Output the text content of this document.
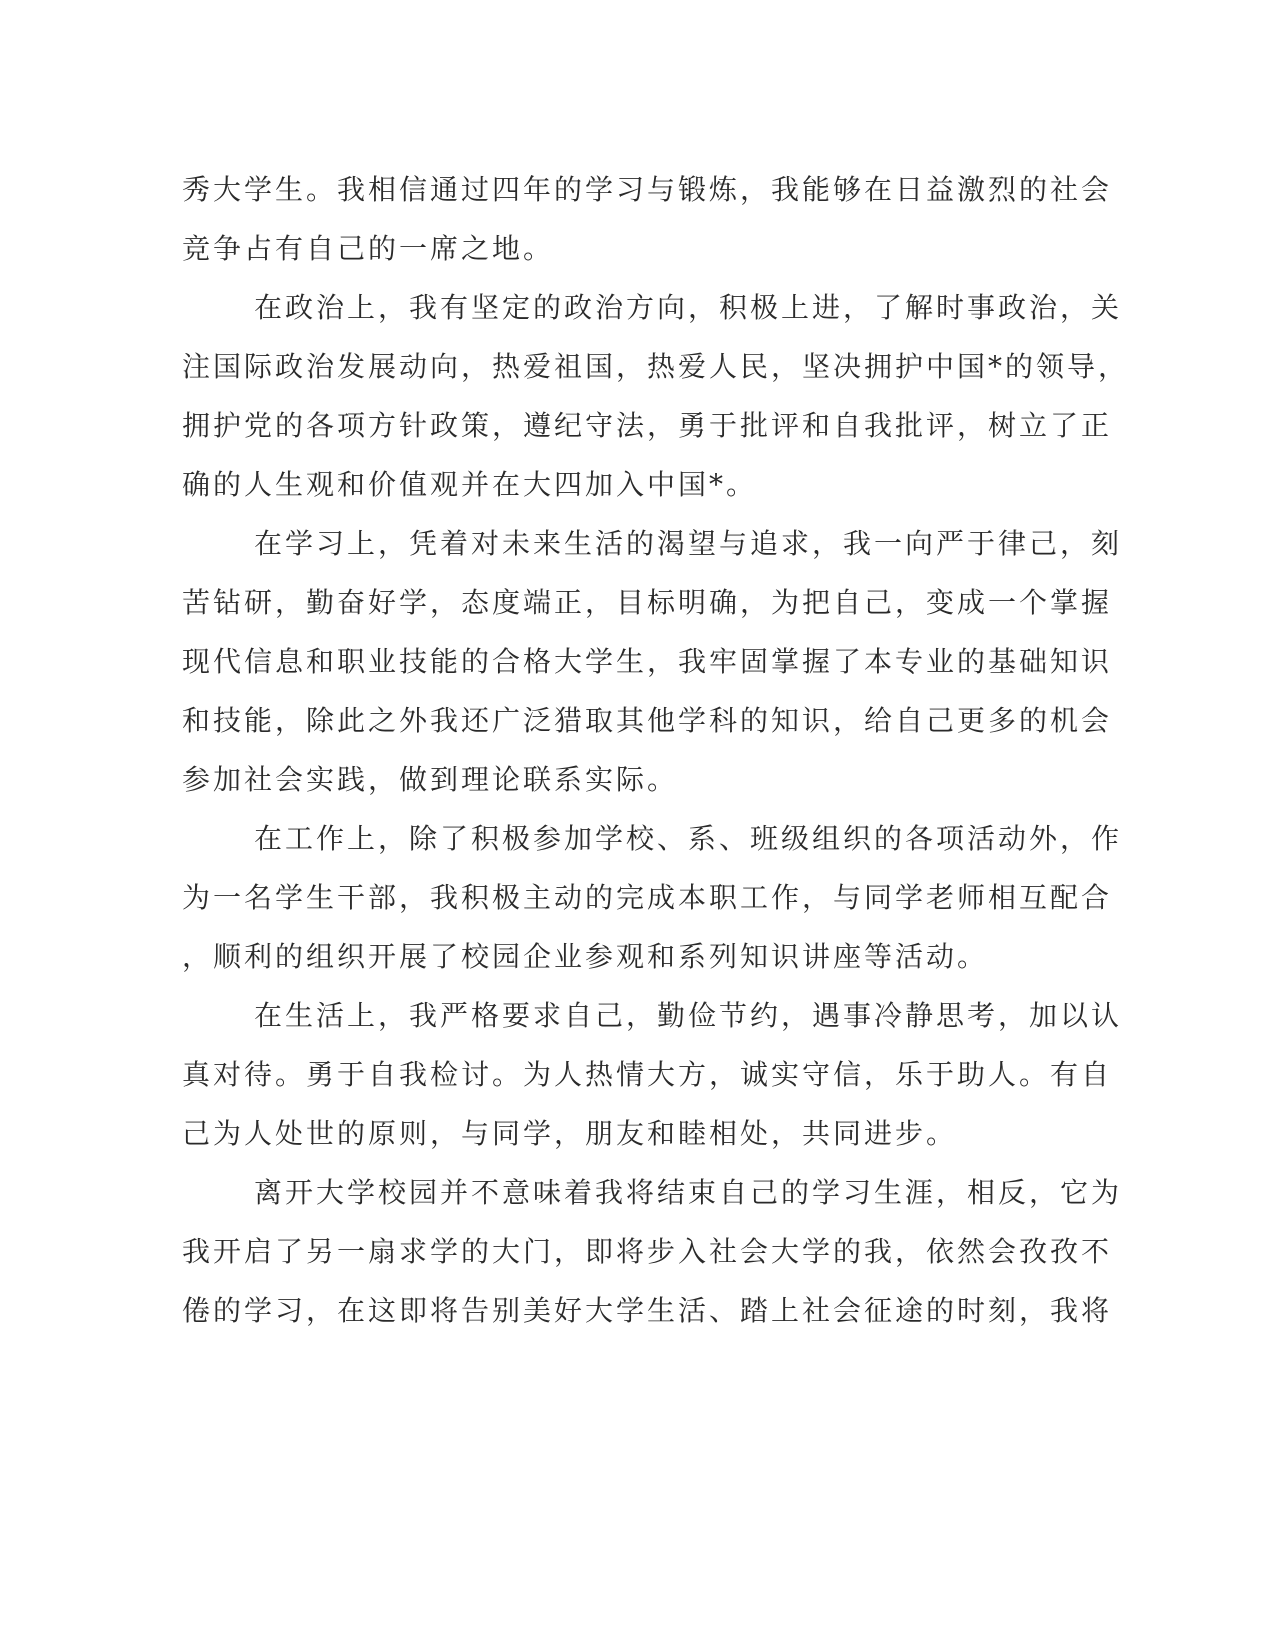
秀大学生。我相信通过四年的学习与锻炼，我能够在日益激烈的社会
竞争占有自己的一席之地。
在政治上，我有坚定的政治方向，积极上进，了解时事政治，关
注国际政治发展动向，热爱祖国，热爱人民，坚决拥护中国*的领导，
拥护党的各项方针政策，遵纪守法，勇于批评和自我批评，树立了正
确的人生观和价值观并在大四加入中国*。
在学习上，凭着对未来生活的渴望与追求，我一向严于律己，刻
苦钻研，勤奋好学，态度端正，目标明确，为把自己，变成一个掌握
现代信息和职业技能的合格大学生，我牢固掌握了本专业的基础知识
和技能，除此之外我还广泛猎取其他学科的知识，给自己更多的机会
参加社会实践，做到理论联系实际。
在工作上，除了积极参加学校、系、班级组织的各项活动外，作
为一名学生干部，我积极主动的完成本职工作，与同学老师相互配合
，顺利的组织开展了校园企业参观和系列知识讲座等活动。
在生活上，我严格要求自己，勤俭节约，遇事冷静思考，加以认
真对待。勇于自我检讨。为人热情大方，诚实守信，乐于助人。有自
己为人处世的原则，与同学，朋友和睦相处，共同进步。
离开大学校园并不意味着我将结束自己的学习生涯，相反，它为
我开启了另一扇求学的大门，即将步入社会大学的我，依然会孜孜不
倦的学习，在这即将告别美好大学生活、踏上社会征途的时刻，我将
